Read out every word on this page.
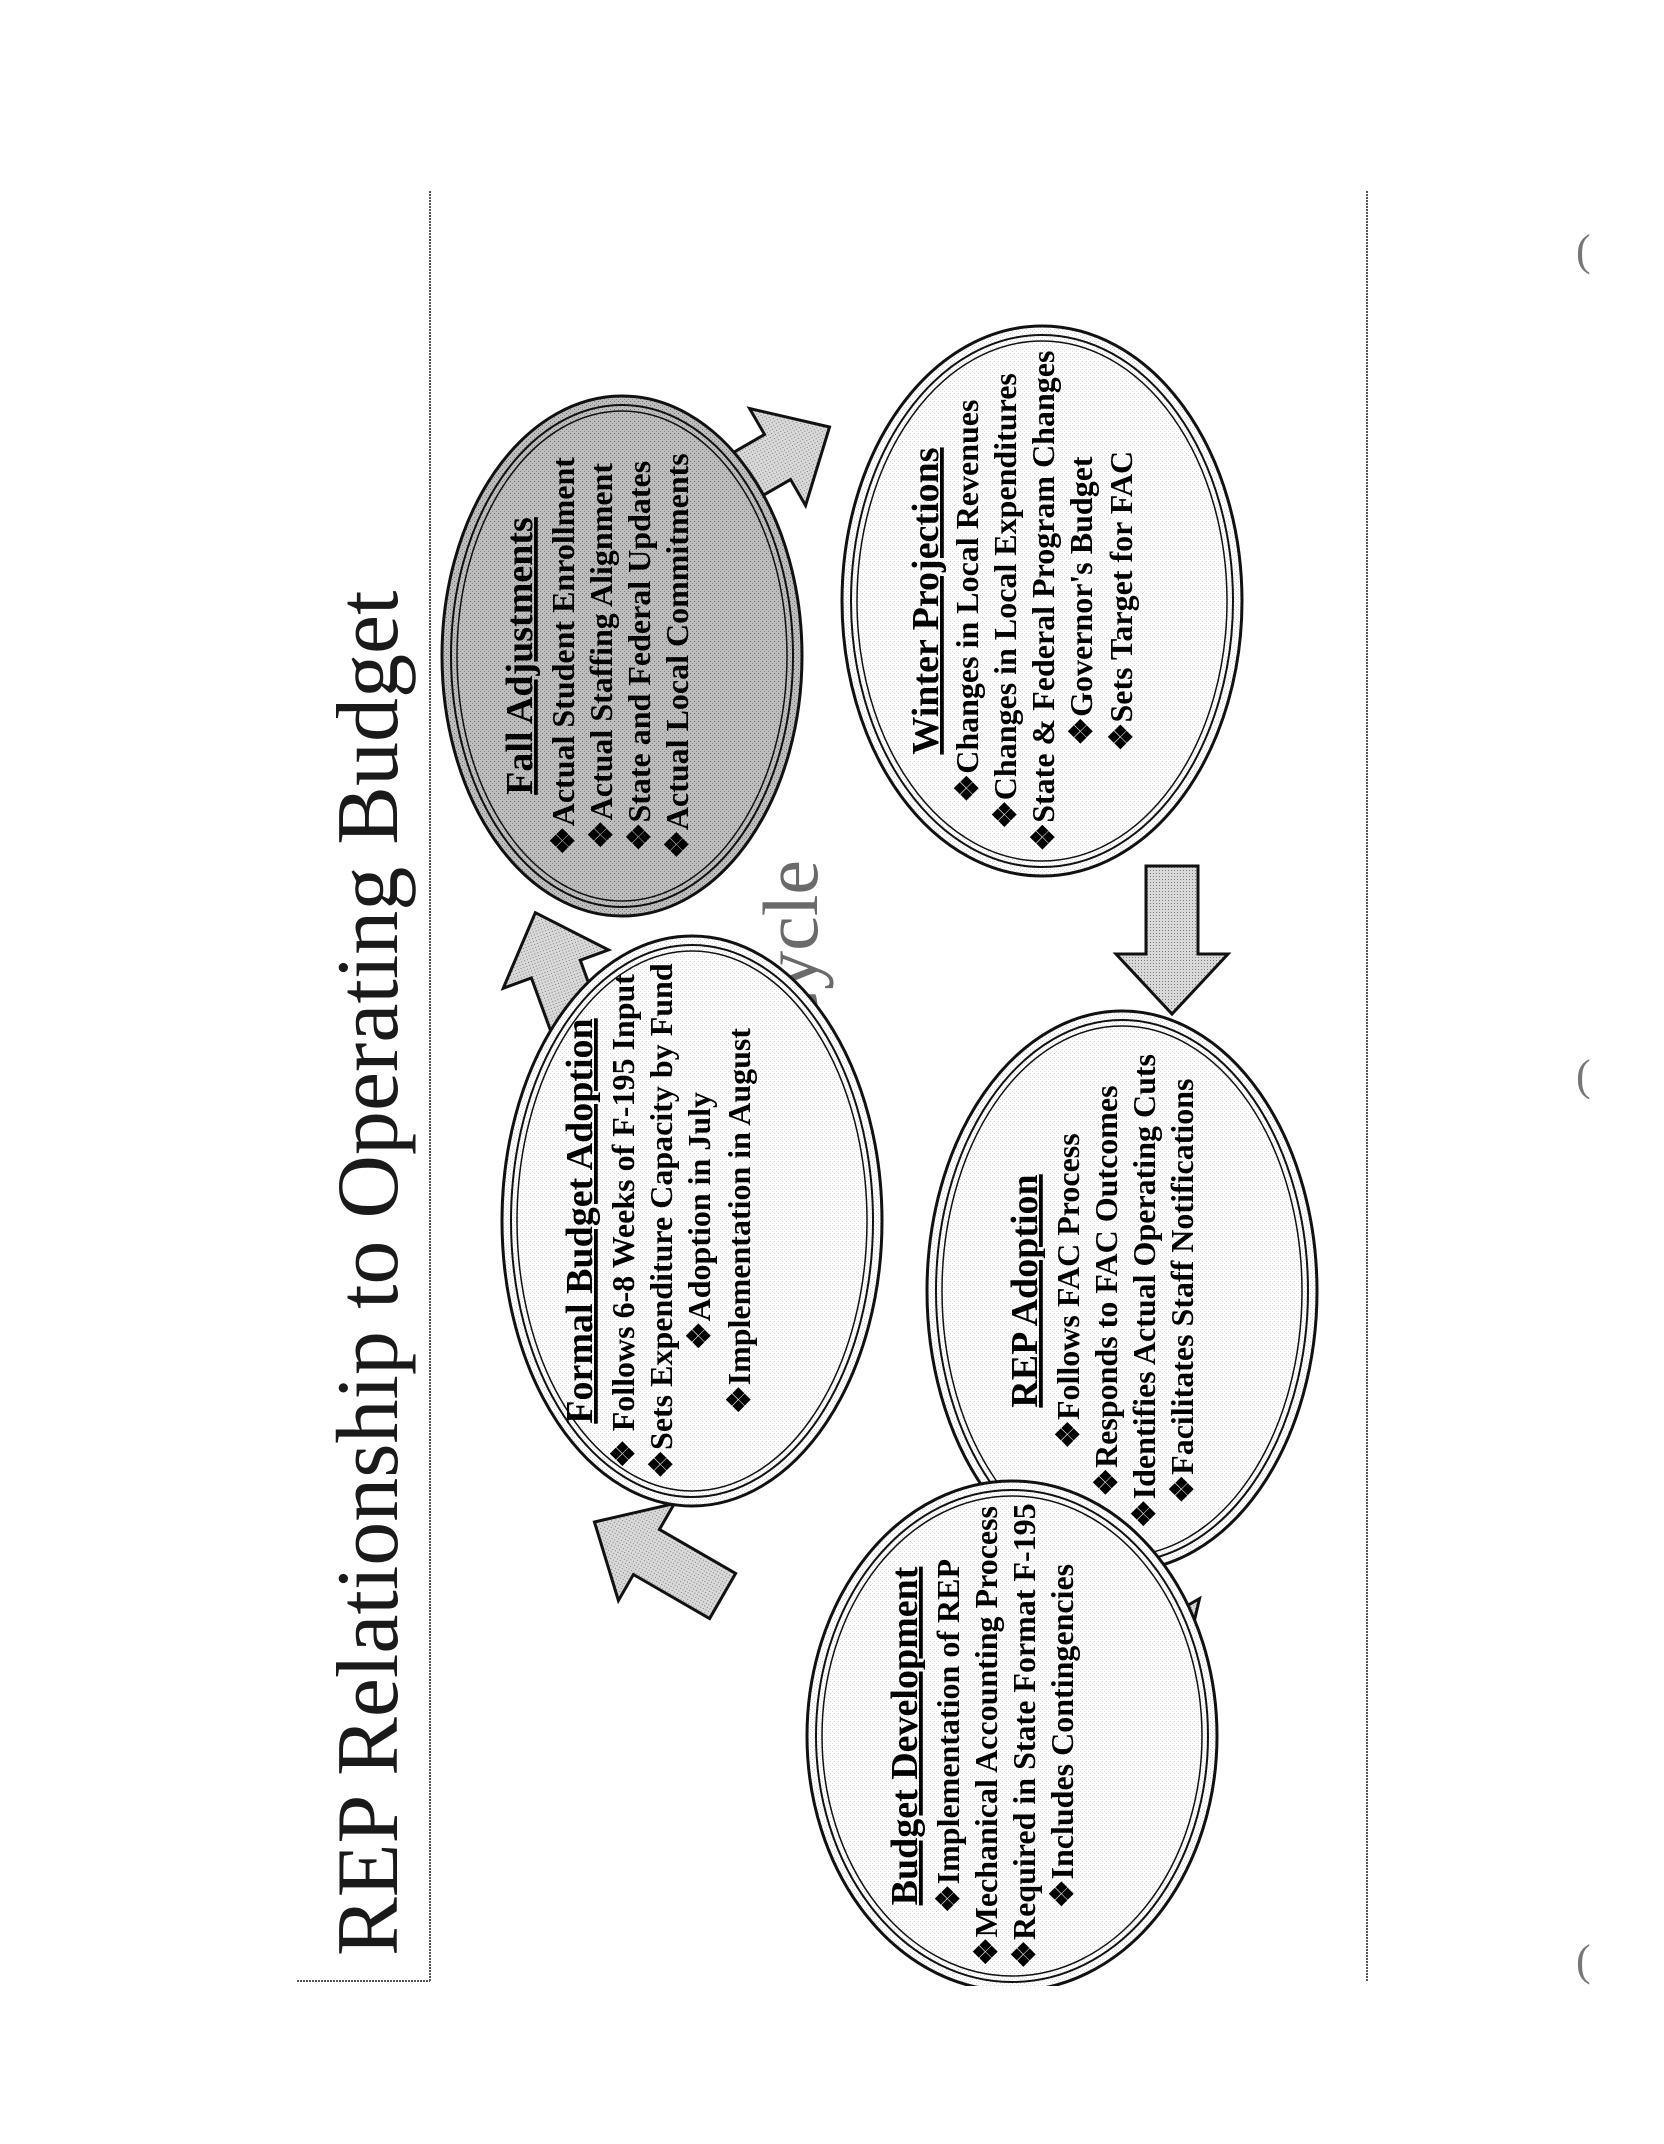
REP Relationship to Operating Budget	Formal Budget Adoption ❖ Follows 6-8 Weeks of F-195 Input ❖Sets Expenditure Capacity by Fund ❖Adoption in July ❖Implementation in August
Fall Adjustments ❖Actual Student Enrollment ❖Actual Staffing Alignment ❖State and Federal Updates ❖Actual Local Commitments	Winter Projections ❖Changes in Local Revenues ❖Changes in Local Expenditures ❖State & Federal Program Changes ❖Governor's Budget ❖Sets Target for FAC
REP Adoption ❖Follows FAC Process ❖Responds to FAC Outcomes ❖Identifies Actual Operating Cuts ❖Facilitates Staff Notifications
Budget Development ❖Implementation of REP ❖Mechanical Accounting Process ❖Required in State Format F-195 ❖Includes Contingencies
(
(
(
